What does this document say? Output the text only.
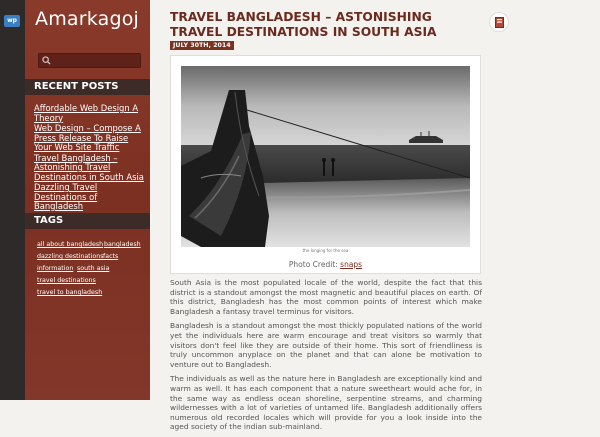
wp Amarkagoj
RECENT POSTS
Affordable Web Design A Theory
Web Design – Compose A Press Release To Raise Your Web Site Traffic
Travel Bangladesh – Astonishing Travel Destinations in South Asia
Dazzling Travel Destinations of Bangladesh
TAGS
all about bangladesh bangladesh
dazzling destinations facts
information south asia
travel destinations
travel to bangladesh
TRAVEL BANGLADESH – ASTONISHING TRAVEL DESTINATIONS IN SOUTH ASIA
JULY 30TH, 2014
the longing for the sea
Photo Credit: snaps

South Asia is the most populated locale of the world, despite the fact that this district is a standout amongst the most magnetic and beautiful places on earth. Of this district, Bangladesh has the most common points of interest which make Bangladesh a fantasy travel terminus for visitors.

Bangladesh is a standout amongst the most thickly populated nations of the world yet the individuals here are warm encourage and treat visitors so warmly that visitors don't feel like they are outside of their home. This sort of friendliness is truly uncommon anyplace on the planet and that can alone be motivation to venture out to Bangladesh.

The individuals as well as the nature here in Bangladesh are exceptionally kind and warm as well. It has each component that a nature sweetheart would ache for, in the same way as endless ocean shoreline, serpentine streams, and charming wildernesses with a lot of varieties of untamed life. Bangladesh additionally offers numerous old recorded locales which will provide for you a look inside into the aged society of the indian sub-mainland.
